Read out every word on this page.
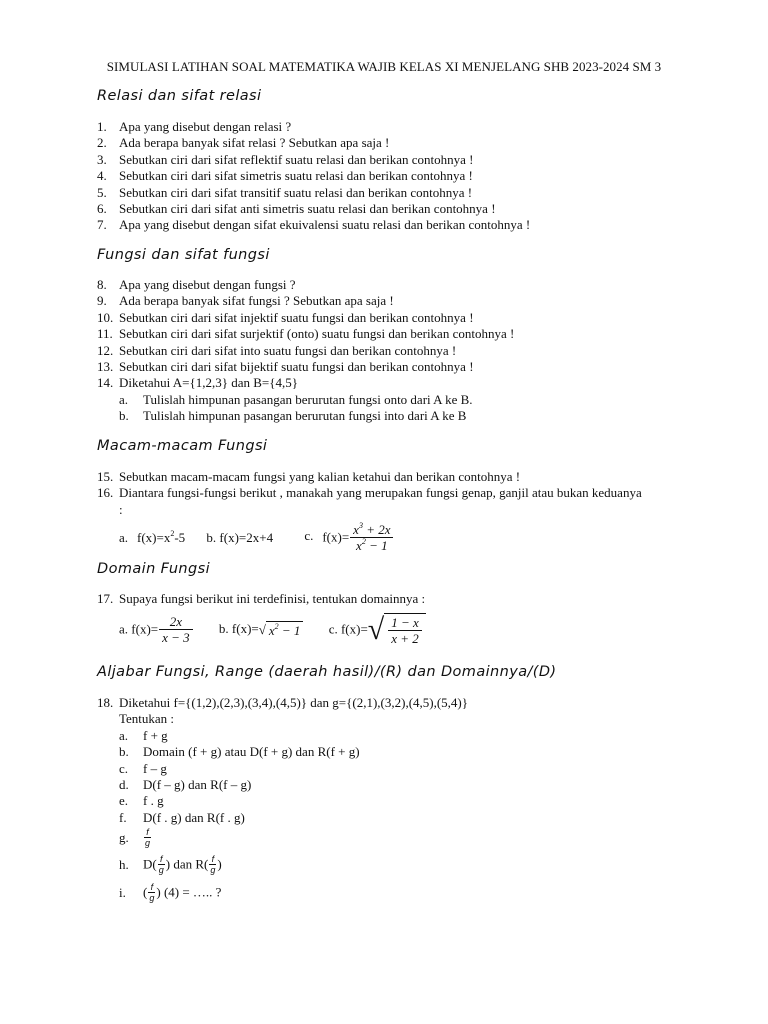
SIMULASI LATIHAN SOAL MATEMATIKA WAJIB KELAS XI MENJELANG SHB 2023-2024 SM 3
Relasi dan sifat relasi
1. Apa yang disebut dengan relasi ?
2. Ada berapa banyak sifat relasi ? Sebutkan apa saja !
3. Sebutkan ciri dari sifat reflektif suatu relasi dan berikan contohnya !
4. Sebutkan ciri dari sifat simetris suatu relasi dan berikan contohnya !
5. Sebutkan ciri dari sifat transitif suatu relasi dan berikan contohnya !
6. Sebutkan ciri dari sifat anti simetris suatu relasi dan berikan contohnya !
7. Apa yang disebut dengan sifat ekuivalensi suatu relasi dan berikan contohnya !
Fungsi dan sifat fungsi
8. Apa yang disebut dengan fungsi ?
9. Ada berapa banyak sifat fungsi ? Sebutkan apa saja !
10. Sebutkan ciri dari sifat injektif suatu fungsi dan berikan contohnya !
11. Sebutkan ciri dari sifat surjektif (onto) suatu fungsi dan berikan contohnya !
12. Sebutkan ciri dari sifat into suatu fungsi dan berikan contohnya !
13. Sebutkan ciri dari sifat bijektif suatu fungsi dan berikan contohnya !
14. Diketahui A={1,2,3} dan B={4,5}
a. Tulislah himpunan pasangan berurutan fungsi onto dari A ke B.
b. Tulislah himpunan pasangan berurutan fungsi into dari A ke B
Macam-macam Fungsi
15. Sebutkan macam-macam fungsi yang kalian ketahui dan berikan contohnya !
16. Diantara fungsi-fungsi berikut , manakah yang merupakan fungsi genap, ganjil atau bukan keduanya
:
a. $f(x)=x^2-5$ b. f(x)=2x+4 c. $f(x)= \frac{x^3 + 2x}{x^2 - 1}$
Domain Fungsi
17. Supaya fungsi berikut ini terdefinisi, tentukan domainnya :
a. $f(x)= \frac{2x}{x - 3} b$. f(x)=√ $x^2 - 1$ c. $f(x)=√ \frac{1 - x}{x + 2}$
Aljabar Fungsi, Range (daerah hasil)/(R) dan Domainnya/(D)
18. Diketahui f={(1,2),(2,3),(3,4),(4,5)} dan g={(2,1),(3,2),(4,5),(5,4)}
Tentukan :
a. f + g
b. Domain (f + g) atau D(f + g) dan R(f + g)
c. f – g
d. D(f – g) dan R(f – g)
e. f . g
f. D(f . g) dan R(f . g)
g. $\frac{f}{g}$
h. $D( \frac{f}{g}$ ) dan $R( \frac{f}{g}$ )
i. ( $\frac{f}{g}$ ) (4) = ….. ?
